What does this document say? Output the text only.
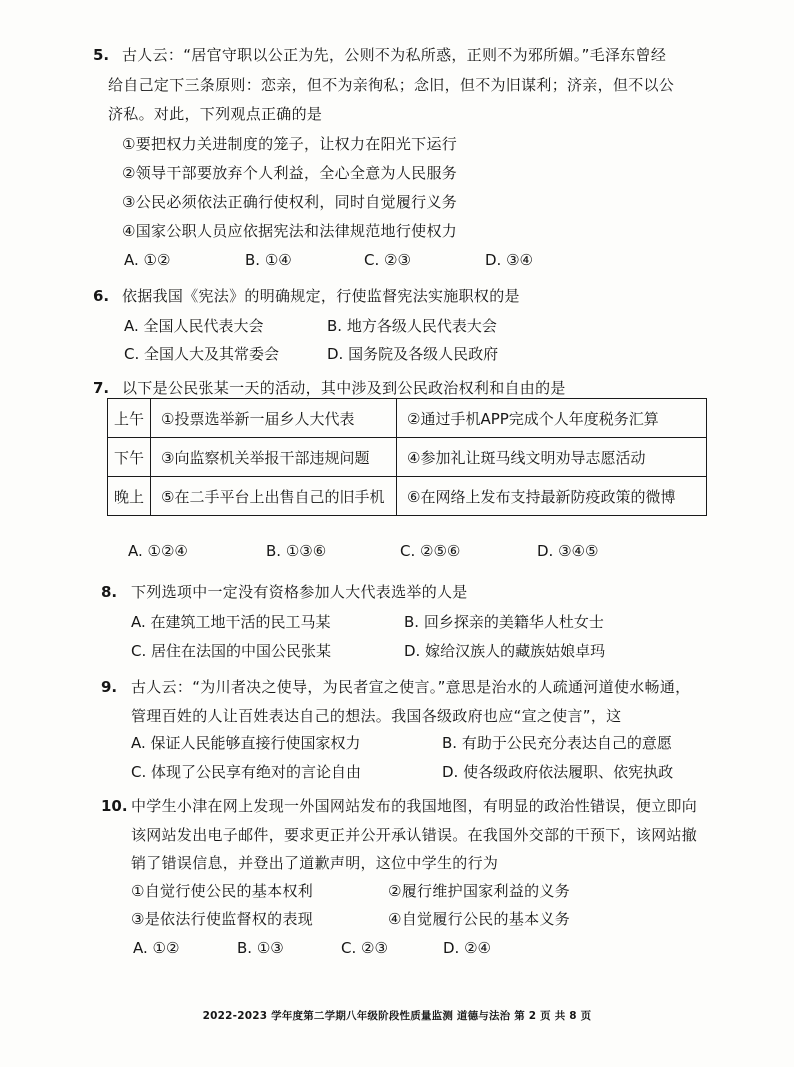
5. 古人云：“居官守职以公正为先，公则不为私所惑，正则不为邪所媚。”毛泽东曾经
给自己定下三条原则：恋亲，但不为亲徇私；念旧，但不为旧谋利；济亲，但不以公
济私。对此，下列观点正确的是
①要把权力关进制度的笼子，让权力在阳光下运行
②领导干部要放弃个人利益，全心全意为人民服务
③公民必须依法正确行使权利，同时自觉履行义务
④国家公职人员应依据宪法和法律规范地行使权力
A. ①②	B. ①④	C. ②③	D. ③④
6. 依据我国《宪法》的明确规定，行使监督宪法实施职权的是
A. 全国人民代表大会	B. 地方各级人民代表大会
C. 全国人大及其常委会	D. 国务院及各级人民政府
7. 以下是公民张某一天的活动，其中涉及到公民政治权利和自由的是
上午	①投票选举新一届乡人大代表	②通过手机APP完成个人年度税务汇算
下午	③向监察机关举报干部违规问题	④参加礼让斑马线文明劝导志愿活动
晚上	⑤在二手平台上出售自己的旧手机	⑥在网络上发布支持最新防疫政策的微博
A. ①②④	B. ①③⑥	C. ②⑤⑥	D. ③④⑤
8. 下列选项中一定没有资格参加人大代表选举的人是
A. 在建筑工地干活的民工马某	B. 回乡探亲的美籍华人杜女士
C. 居住在法国的中国公民张某	D. 嫁给汉族人的藏族姑娘卓玛
9. 古人云：“为川者决之使导，为民者宣之使言。”意思是治水的人疏通河道使水畅通，
管理百姓的人让百姓表达自己的想法。我国各级政府也应“宣之使言”，这
A. 保证人民能够直接行使国家权力	B. 有助于公民充分表达自己的意愿
C. 体现了公民享有绝对的言论自由	D. 使各级政府依法履职、依宪执政
10. 中学生小津在网上发现一外国网站发布的我国地图，有明显的政治性错误，便立即向
该网站发出电子邮件，要求更正并公开承认错误。在我国外交部的干预下，该网站撤
销了错误信息，并登出了道歉声明，这位中学生的行为
①自觉行使公民的基本权利	②履行维护国家利益的义务
③是依法行使监督权的表现	④自觉履行公民的基本义务
A. ①②	B. ①③	C. ②③	D. ②④
2022-2023 学年度第二学期八年级阶段性质量监测 道德与法治 第 2 页 共 8 页
